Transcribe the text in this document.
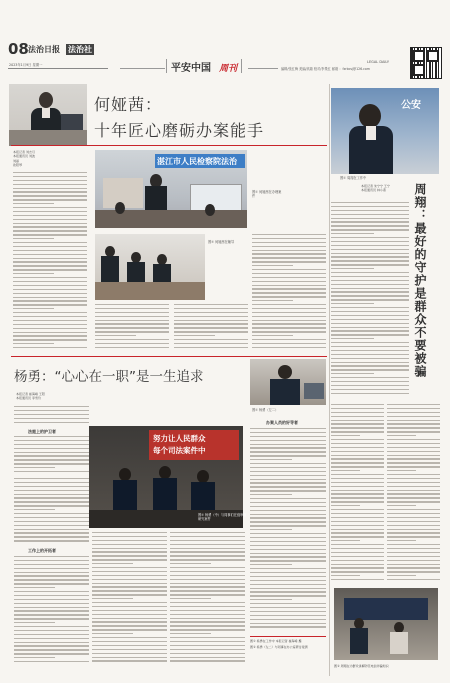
08 法治日报 法治社
2023年1月9日 星期一	平安中国 周刊	编辑/张红梅 美编/高瑞 校对/李景红 邮箱 ：fzrbcsj@126.com
LEGAL DAILY
何娅茜：
十年匠心磨砺办案能手
本报记者 刘志月
本报通讯员 刘波
刘丽
欧阳琴	湛江市人民检察院法治
图① 何娅茜在办理案件
图② 何娅茜在辅导
公安
图① 周翔在工作中
本报记者 朱宁宁 王宁
本报通讯员 林小燕	周翔：最好的守护是群众不要被骗
图② 周翔在为群众讲解防范电信诈骗知识
杨勇：“心心在一职”是一生追求
本报记者 崔海峰 王阳
本报通讯员 李雪玲
图① 杨勇（左二）
法庭上的护卫者
努力让人民群众
每个司法案件中
图② 杨勇（中）与同事们在庭审前研究案件
工作上的开拓者
办案人员的好导者
图① 杨勇在工作中 本报记者 崔海峰 摄
图② 杨勇（左二）与同事在办公室研讨案情
